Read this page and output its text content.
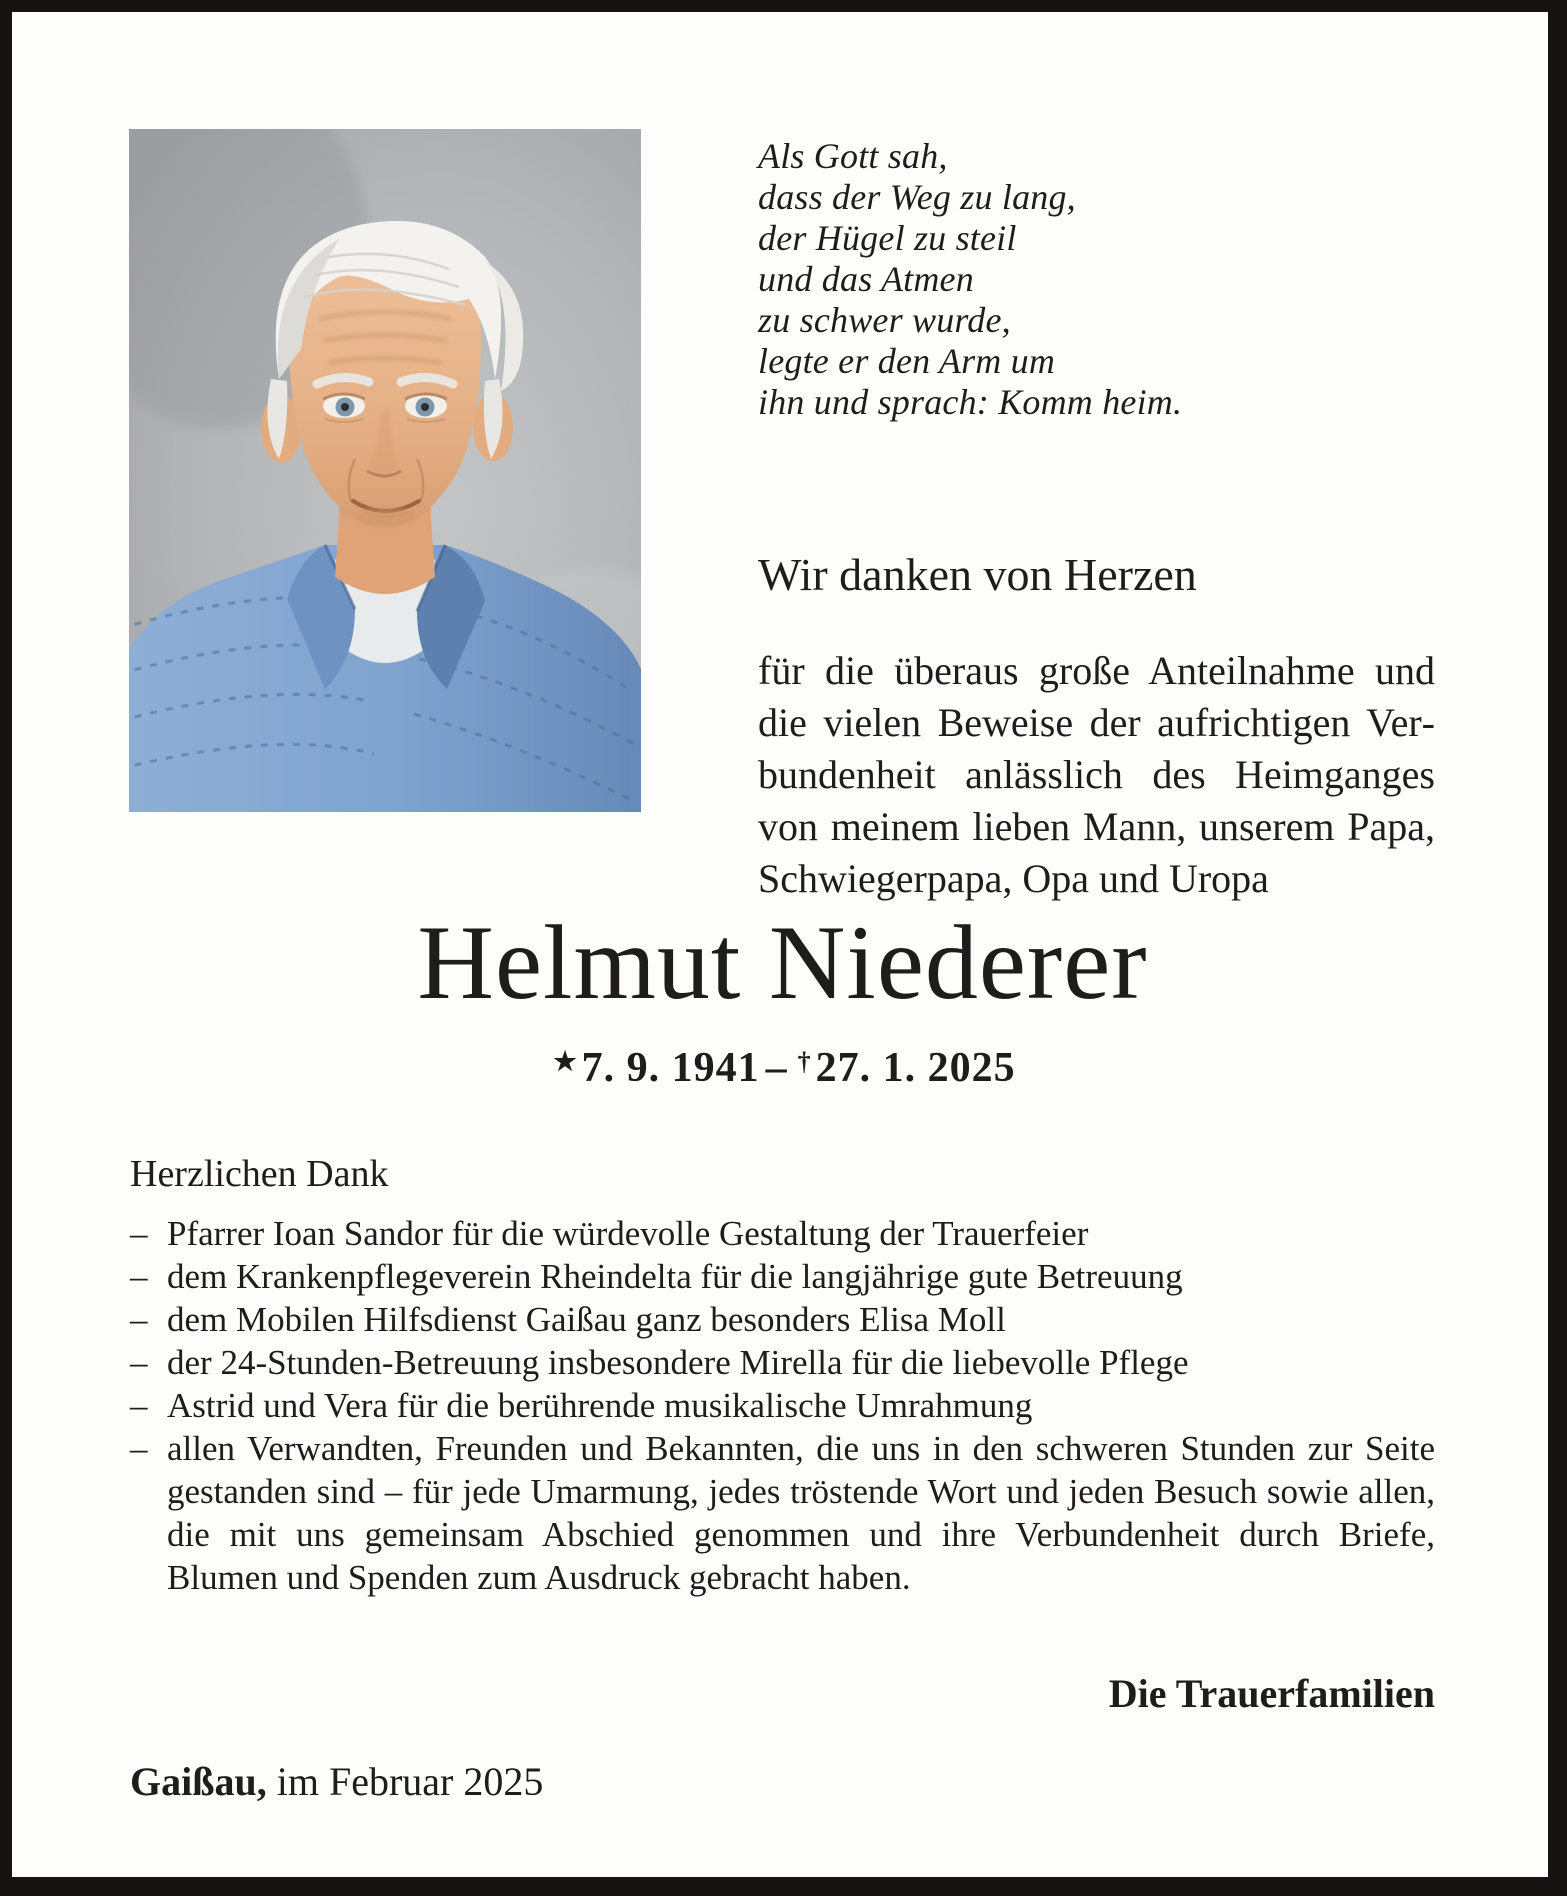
Als Gott sah,
dass der Weg zu lang,
der Hügel zu steil
und das Atmen
zu schwer wurde,
legte er den Arm um
ihn und sprach: Komm heim.
Wir danken von Herzen
für die überaus große Anteilnahme und die vielen Beweise der aufrichtigen Verbundenheit anlässlich des Heimganges von meinem lieben Mann, unserem Papa, Schwiegerpapa, Opa und Uropa
Helmut Niederer
★7. 9. 1941 – †27. 1. 2025
Herzlichen Dank
– Pfarrer Ioan Sandor für die würdevolle Gestaltung der Trauerfeier
– dem Krankenpflegeverein Rheindelta für die langjährige gute Betreuung
– dem Mobilen Hilfsdienst Gaißau ganz besonders Elisa Moll
– der 24-Stunden-Betreuung insbesondere Mirella für die liebevolle Pflege
– Astrid und Vera für die berührende musikalische Umrahmung
– allen Verwandten, Freunden und Bekannten, die uns in den schweren Stunden zur Seite gestanden sind – für jede Umarmung, jedes tröstende Wort und jeden Besuch sowie allen, die mit uns gemeinsam Abschied genommen und ihre Verbundenheit durch Briefe, Blumen und Spenden zum Ausdruck gebracht haben.
Die Trauerfamilien
Gaißau, im Februar 2025
